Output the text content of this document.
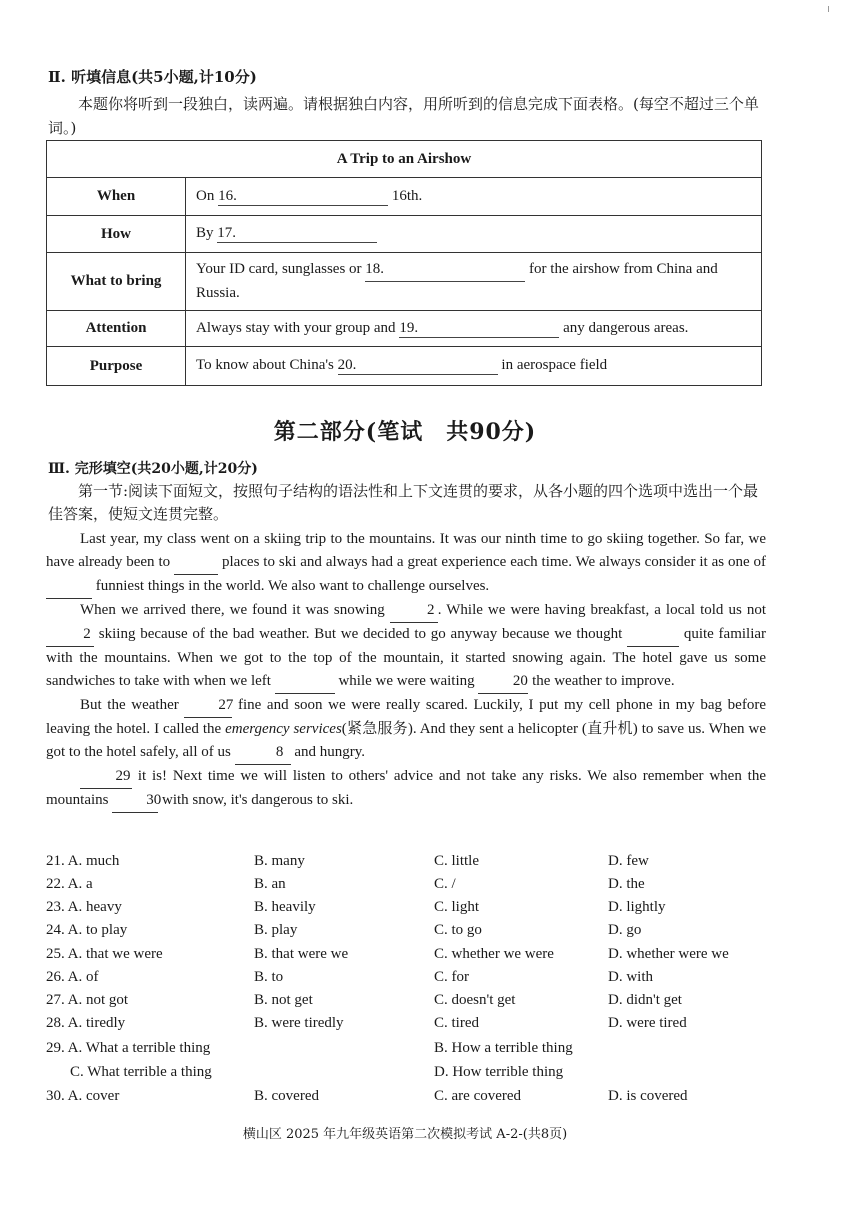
Ⅱ. 听填信息(共5小题,计10分)
本题你将听到一段独白，读两遍。请根据独白内容，用所听到的信息完成下面表格。(每空不超过三个单词。)
A Trip to an Airshow	
When	On 16. 16th.
How	By 17.
What to bring	Your ID card, sunglasses or 18. for the airshow from China and Russia.
Attention	Always stay with your group and 19. any dangerous areas.
Purpose	To know about China's 20. in aerospace field
第二部分(笔试　共90分)
Ⅲ. 完形填空(共20小题,计20分)
第一节:阅读下面短文，按照句子结构的语法性和上下文连贯的要求，从各小题的四个选项中选出一个最佳答案，使短文连贯完整。

Last year, my class went on a skiing trip to the mountains. It was our ninth time to go skiing together. So far, we have already been to	places to ski and always had a great experience each time. We always consider it as one of   funniest things in the world. We also want to challenge ourselves.

When we arrived there, we found it was snowing	2 . While we were having breakfast, a local told us not 2 skiing because of the bad weather. But we decided to go anyway because we thought	quite familiar with the mountains. When we got to the top of the mountain, it started snowing again. The hotel gave us some sandwiches to take with when we left	while we were waiting	20 the weather to improve.

But the weather	27 fine and soon we were really scared. Luckily, I put my cell phone in my bag before leaving the hotel. I called the emergency services(紧急服务). And they sent a helicopter (直升机) to save us. When we got to the hotel safely, all of us	8 and hungry.

29 it is! Next time we will listen to others' advice and not take any risks. We also remember when the mountains	30 with snow, it's dangerous to ski.

21. A. much	B. many	C. little	D. few
22. A. a	B. an	C. /	D. the
23. A. heavy	B. heavily	C. light	D. lightly
24. A. to play	B. play	C. to go	D. go
25. A. that we were	B. that were we	C. whether we were	D. whether were we
26. A. of	B. to	C. for	D. with
27. A. not got	B. not get	C. doesn't get	D. didn't get
28. A. tiredly	B. were tiredly	C. tired	D. were tired
29. A. What a terrible thing	B. How a terrible thing
C. What terrible a thing	D. How terrible thing
30. A. cover	B. covered	C. are covered	D. is covered
横山区 2025 年九年级英语第二次模拟考试 A-2-(共8页)
